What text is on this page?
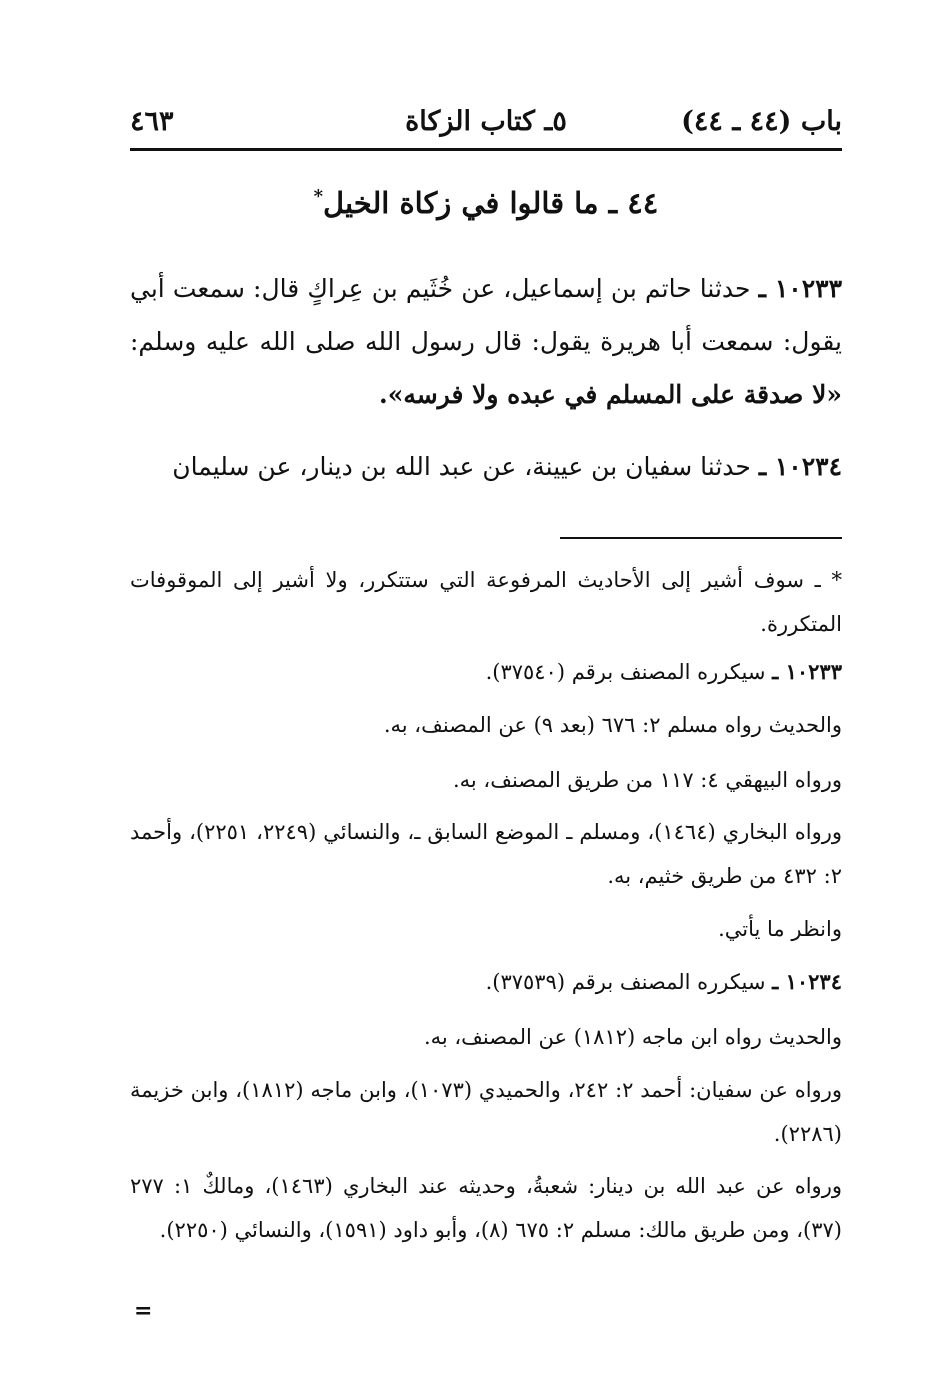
باب (٤٤ ـ ٤٤)
٥ـ كتاب الزكاة
٤٦٣
٤٤ ـ ما قالوا في زكاة الخيل*
١٠٢٣٣ ـ حدثنا حاتم بن إسماعيل، عن خُثَيم بن عِراكٍ قال: سمعت أبي يقول: سمعت أبا هريرة يقول: قال رسول الله صلى الله عليه وسلم: «لا صدقة على المسلم في عبده ولا فرسه».
١٠٢٣٤ ـ حدثنا سفيان بن عيينة، عن عبد الله بن دينار، عن سليمان
* ـ سوف أشير إلى الأحاديث المرفوعة التي ستتكرر، ولا أشير إلى الموقوفات المتكررة.
١٠٢٣٣ ـ سيكرره المصنف برقم (٣٧٥٤٠).
والحديث رواه مسلم ٢: ٦٧٦ (بعد ٩) عن المصنف، به.
ورواه البيهقي ٤: ١١٧ من طريق المصنف، به.
ورواه البخاري (١٤٦٤)، ومسلم ـ الموضع السابق ـ، والنسائي (٢٢٤٩، ٢٢٥١)، وأحمد ٢: ٤٣٢ من طريق خثيم، به.
وانظر ما يأتي.
١٠٢٣٤ ـ سيكرره المصنف برقم (٣٧٥٣٩).
والحديث رواه ابن ماجه (١٨١٢) عن المصنف، به.
ورواه عن سفيان: أحمد ٢: ٢٤٢، والحميدي (١٠٧٣)، وابن ماجه (١٨١٢)، وابن خزيمة (٢٢٨٦).
ورواه عن عبد الله بن دينار: شعبةُ، وحديثه عند البخاري (١٤٦٣)، ومالكٌ ١: ٢٧٧ (٣٧)، ومن طريق مالك: مسلم ٢: ٦٧٥ (٨)، وأبو داود (١٥٩١)، والنسائي (٢٢٥٠).
=
